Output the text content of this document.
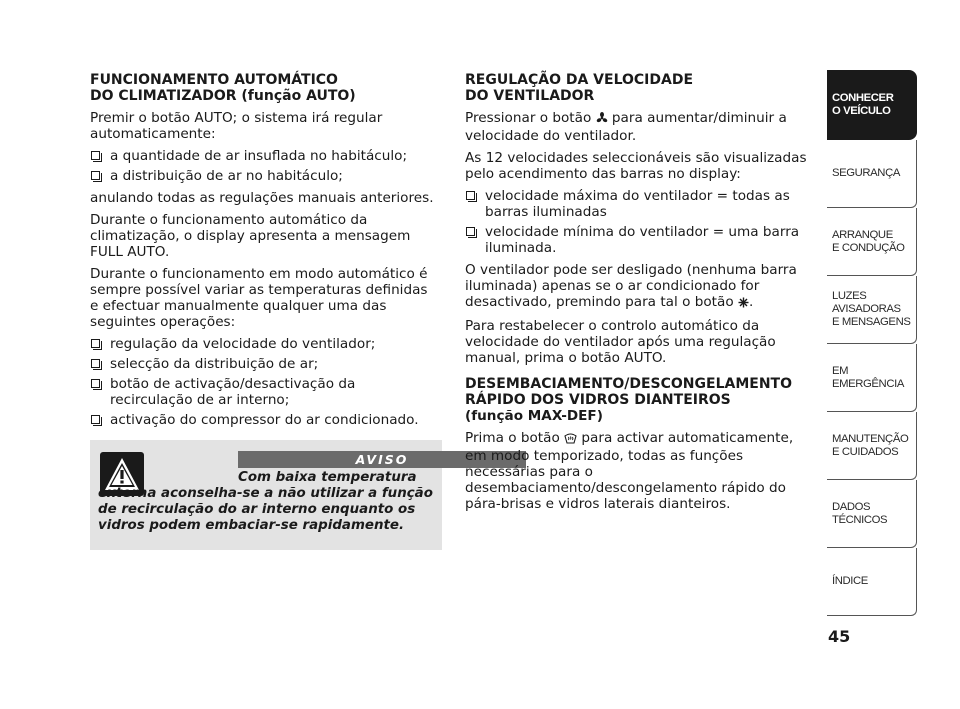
FUNCIONAMENTO AUTOMÁTICO
DO CLIMATIZADOR (função AUTO)

Premir o botão AUTO; o sistema irá regular automaticamente:

a quantidade de ar insuflada no habitáculo;
a distribuição de ar no habitáculo;

anulando todas as regulações manuais anteriores.

Durante o funcionamento automático da climatização, o display apresenta a mensagem FULL AUTO.

Durante o funcionamento em modo automático é sempre possível variar as temperaturas definidas e efectuar manualmente qualquer uma das seguintes operações:

regulação da velocidade do ventilador;
selecção da distribuição de ar;
botão de activação/desactivação da recirculação de ar interno;
activação do compressor do ar condicionado.
AVISO
Com baixa temperatura externa aconselha-se a não utilizar a função de recirculação do ar interno enquanto os vidros podem embaciar-se rapidamente.
REGULAÇÃO DA VELOCIDADE
DO VENTILADOR

Pressionar o botão  para aumentar/diminuir a velocidade do ventilador.

As 12 velocidades seleccionáveis são visualizadas pelo acendimento das barras no display:

velocidade máxima do ventilador = todas as barras iluminadas
velocidade mínima do ventilador = uma barra iluminada.

O ventilador pode ser desligado (nenhuma barra iluminada) apenas se o ar condicionado for desactivado, premindo para tal o botão .

Para restabelecer o controlo automático da velocidade do ventilador após uma regulação manual, prima o botão AUTO.

DESEMBACIAMENTO/DESCONGELAMENTO
RÁPIDO DOS VIDROS DIANTEIROS
(função MAX-DEF)

Prima o botão  para activar automaticamente, em modo temporizado, todas as funções necessárias para o desembaciamento/descongelamento rápido do pára-brisas e vidros laterais dianteiros.

CONHECER
O VEÍCULO
SEGURANÇA
ARRANQUE
E CONDUÇÃO
LUZES
AVISADORAS
E MENSAGENS
EM EMERGÊNCIA
MANUTENÇÃO
E CUIDADOS
DADOS
TÉCNICOS
ÍNDICE
45
